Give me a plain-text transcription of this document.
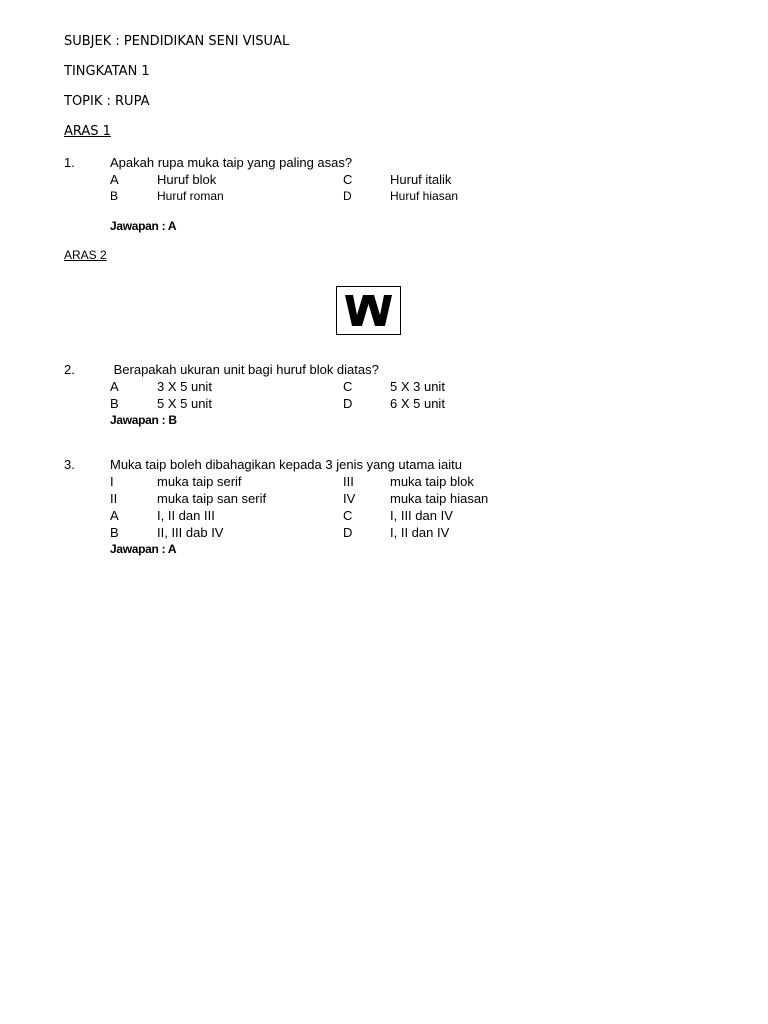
SUBJEK : PENDIDIKAN SENI VISUAL
TINGKATAN 1
TOPIK : RUPA
ARAS 1
1.	Apakah rupa muka taip yang paling asas?
A	Huruf blok	C	Huruf italik
B	Huruf roman	D	Huruf hiasan
Jawapan : A
ARAS 2
2.	Berapakah ukuran unit bagi huruf blok diatas?
A	3 X 5 unit	C	5 X 3 unit
B	5 X 5 unit	D	6 X 5 unit
Jawapan : B
3.	Muka taip boleh dibahagikan kepada 3 jenis yang utama iaitu
I	muka taip serif	III	muka taip blok
II	muka taip san serif	IV	muka taip hiasan
A	I, II dan III	C	I, III dan IV
B	II, III dab IV	D	I, II dan IV
Jawapan : A
